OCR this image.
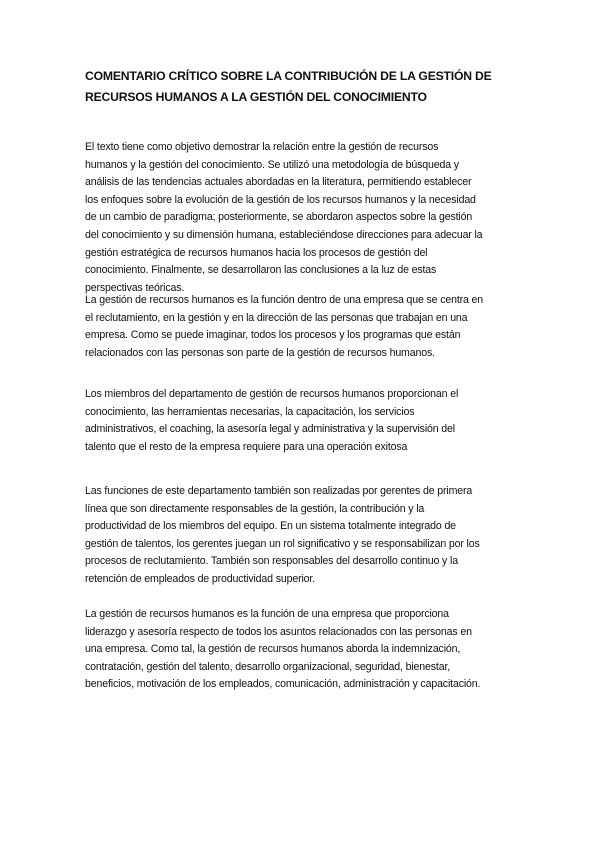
COMENTARIO CRÍTICO SOBRE LA CONTRIBUCIÓN DE LA GESTIÓN DE
RECURSOS HUMANOS A LA GESTIÓN DEL CONOCIMIENTO
El texto tiene como objetivo demostrar la relación entre la gestión de recursos
humanos y la gestión del conocimiento. Se utilizó una metodología de búsqueda y
análisis de las tendencias actuales abordadas en la literatura, permitiendo establecer
los enfoques sobre la evolución de la gestión de los recursos humanos y la necesidad
de un cambio de paradigma; posteriormente, se abordaron aspectos sobre la gestión
del conocimiento y su dimensión humana, estableciéndose direcciones para adecuar la
gestión estratégica de recursos humanos hacia los procesos de gestión del
conocimiento. Finalmente, se desarrollaron las conclusiones a la luz de estas
perspectivas teóricas.
La gestión de recursos humanos es la función dentro de una empresa que se centra en
el reclutamiento, en la gestión y en la dirección de las personas que trabajan en una
empresa. Como se puede imaginar, todos los procesos y los programas que están
relacionados con las personas son parte de la gestión de recursos humanos.
Los miembros del departamento de gestión de recursos humanos proporcionan el
conocimiento, las herramientas necesarias, la capacitación, los servicios
administrativos, el coaching, la asesoría legal y administrativa y la supervisión del
talento que el resto de la empresa requiere para una operación exitosa
Las funciones de este departamento también son realizadas por gerentes de primera
línea que son directamente responsables de la gestión, la contribución y la
productividad de los miembros del equipo. En un sistema totalmente integrado de
gestión de talentos, los gerentes juegan un rol significativo y se responsabilizan por los
procesos de reclutamiento. También son responsables del desarrollo continuo y la
retención de empleados de productividad superior.
La gestión de recursos humanos es la función de una empresa que proporciona
liderazgo y asesoría respecto de todos los asuntos relacionados con las personas en
una empresa. Como tal, la gestión de recursos humanos aborda la indemnización,
contratación, gestión del talento, desarrollo organizacional, seguridad, bienestar,
beneficios, motivación de los empleados, comunicación, administración y capacitación.
